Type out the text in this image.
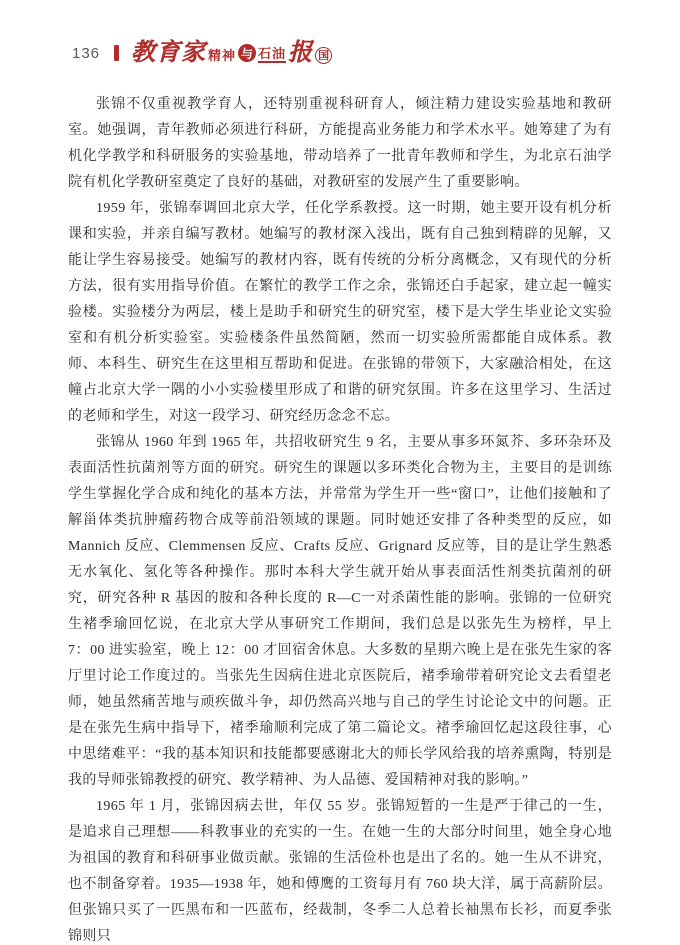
136 教育家 精神 与 石油 报 国

张锦不仅重视教学育人，还特别重视科研育人，倾注精力建设实验基地和教研室。她强调，青年教师必须进行科研，方能提高业务能力和学术水平。她筹建了为有机化学教学和科研服务的实验基地，带动培养了一批青年教师和学生，为北京石油学院有机化学教研室奠定了良好的基础，对教研室的发展产生了重要影响。

1959 年，张锦奉调回北京大学，任化学系教授。这一时期，她主要开设有机分析课和实验，并亲自编写教材。她编写的教材深入浅出，既有自己独到精辟的见解，又能让学生容易接受。她编写的教材内容，既有传统的分析分离概念，又有现代的分析方法，很有实用指导价值。在繁忙的教学工作之余，张锦还白手起家，建立起一幢实验楼。实验楼分为两层，楼上是助手和研究生的研究室，楼下是大学生毕业论文实验室和有机分析实验室。实验楼条件虽然简陋，然而一切实验所需都能自成体系。教师、本科生、研究生在这里相互帮助和促进。在张锦的带领下，大家融洽相处，在这幢占北京大学一隅的小小实验楼里形成了和谐的研究氛围。许多在这里学习、生活过的老师和学生，对这一段学习、研究经历念念不忘。

张锦从 1960 年到 1965 年，共招收研究生 9 名，主要从事多环氮芥、多环杂环及表面活性抗菌剂等方面的研究。研究生的课题以多环类化合物为主，主要目的是训练学生掌握化学合成和纯化的基本方法，并常常为学生开一些“窗口”，让他们接触和了解甾体类抗肿瘤药物合成等前沿领域的课题。同时她还安排了各种类型的反应，如 Mannich 反应、Clemmensen 反应、Crafts 反应、Grignard 反应等，目的是让学生熟悉无水氧化、氢化等各种操作。那时本科大学生就开始从事表面活性剂类抗菌剂的研究，研究各种 R 基因的胺和各种长度的 R—C一对杀菌性能的影响。张锦的一位研究生褚季瑜回忆说，在北京大学从事研究工作期间，我们总是以张先生为榜样，早上 7：00 进实验室，晚上 12：00 才回宿舍休息。大多数的星期六晚上是在张先生家的客厅里讨论工作度过的。当张先生因病住进北京医院后，褚季瑜带着研究论文去看望老师，她虽然痛苦地与顽疾做斗争，却仍然高兴地与自己的学生讨论论文中的问题。正是在张先生病中指导下，褚季瑜顺利完成了第二篇论文。褚季瑜回忆起这段往事，心中思绪难平：“我的基本知识和技能都要感谢北大的师长学风给我的培养熏陶，特别是我的导师张锦教授的研究、教学精神、为人品德、爱国精神对我的影响。”

1965 年 1 月，张锦因病去世，年仅 55 岁。张锦短暂的一生是严于律己的一生，是追求自己理想——科教事业的充实的一生。在她一生的大部分时间里，她全身心地为祖国的教育和科研事业做贡献。张锦的生活俭朴也是出了名的。她一生从不讲究，也不制备穿着。1935—1938 年，她和傅鹰的工资每月有 760 块大洋，属于高薪阶层。但张锦只买了一匹黑布和一匹蓝布，经裁制，冬季二人总着长袖黑布长衫，而夏季张锦则只
